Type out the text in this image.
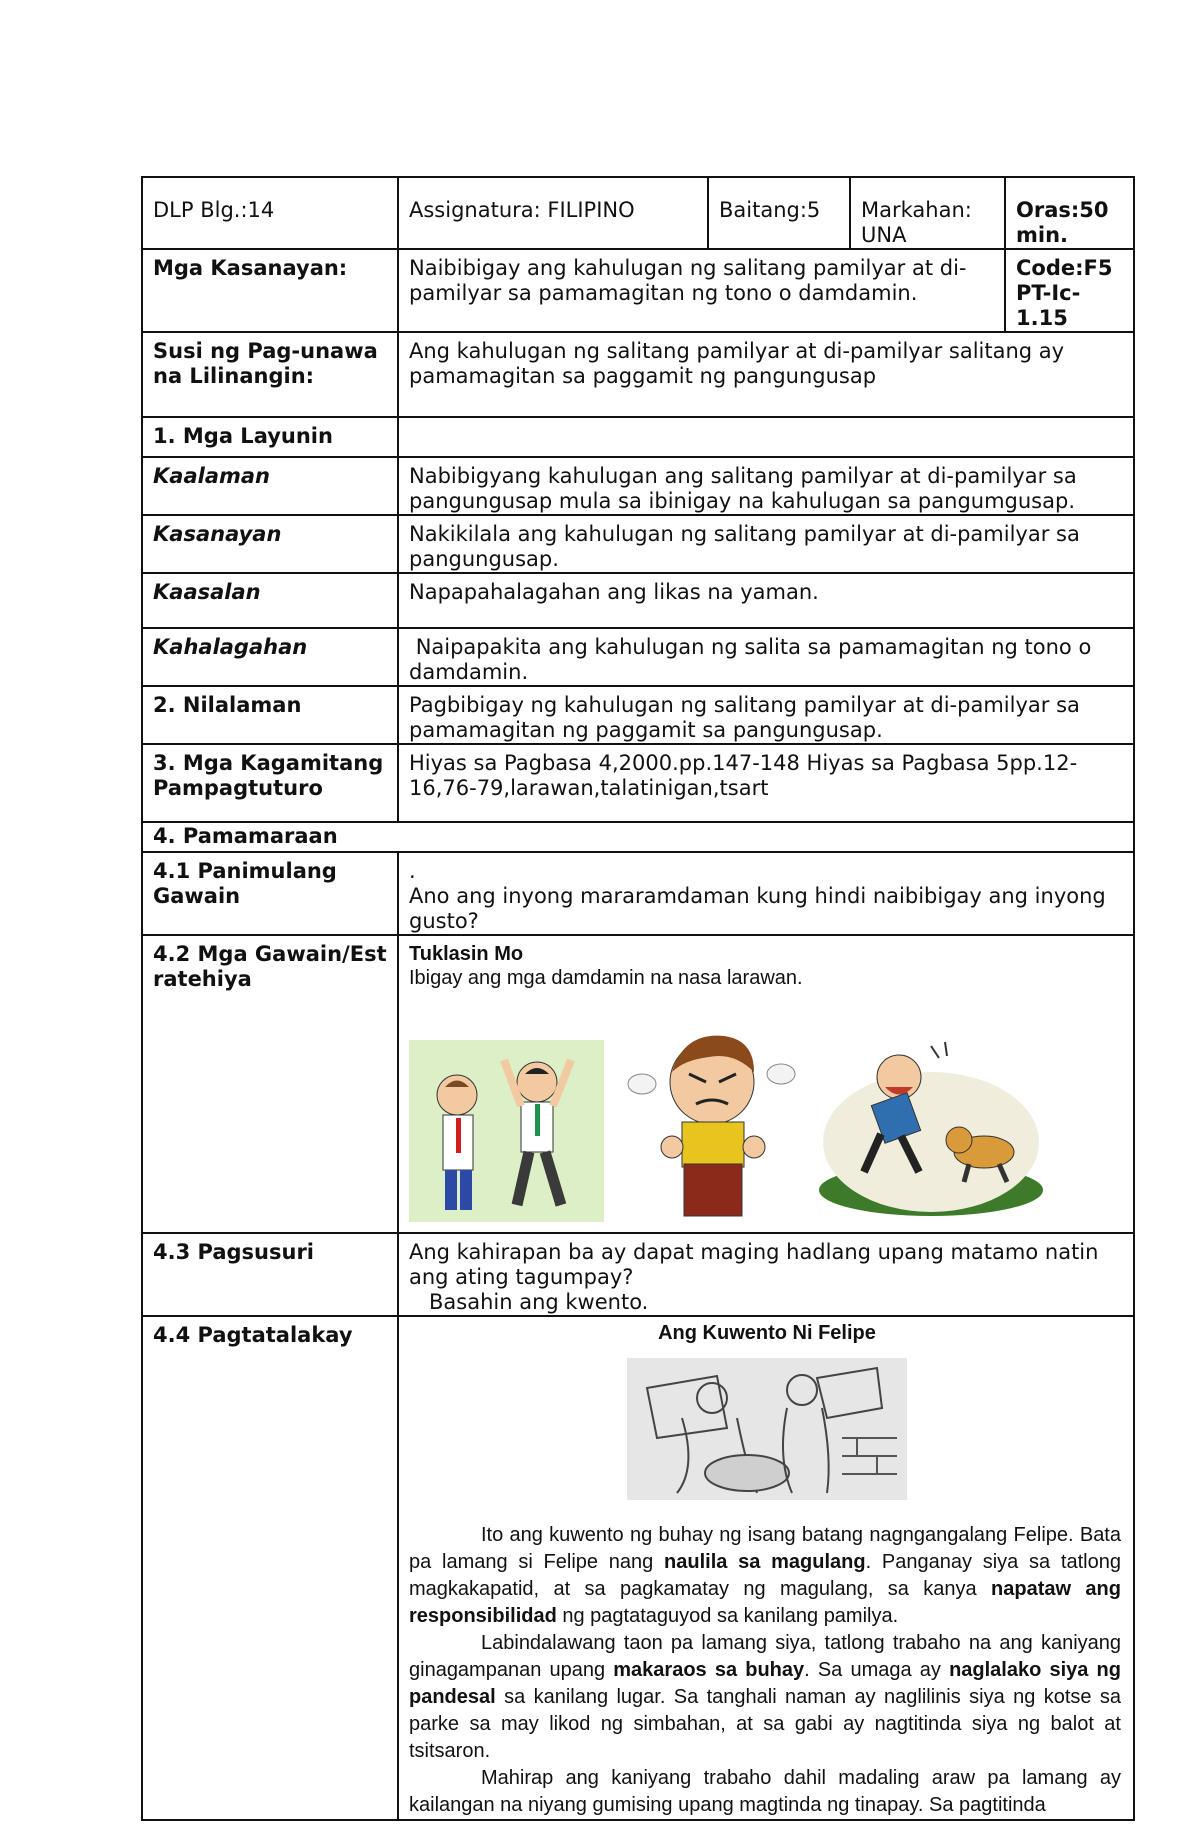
DLP Blg.:14	Assignatura: FILIPINO	Baitang:5	Markahan: UNA	Oras:50 min.
Mga Kasanayan:	Naibibigay ang kahulugan ng salitang pamilyar at di-pamilyar sa pamamagitan ng tono o damdamin.			Code:F5 PT-Ic-1.15
Susi ng Pag-unawa na Lilinangin:	Ang kahulugan ng salitang pamilyar at di-pamilyar salitang ay pamamagitan sa paggamit ng pangungusap			
1. Mga Layunin				
Kaalaman	Nabibigyang kahulugan ang salitang pamilyar at di-pamilyar sa pangungusap mula sa ibinigay na kahulugan sa pangumgusap.			
Kasanayan	Nakikilala ang kahulugan ng salitang pamilyar at di-pamilyar sa pangungusap.			
Kaasalan	Napapahalagahan ang likas na yaman.			
Kahalagahan	Naipapakita ang kahulugan ng salita sa pamamagitan ng tono o damdamin.			
2. Nilalaman	Pagbibigay ng kahulugan ng salitang pamilyar at di-pamilyar sa pamamagitan ng paggamit sa pangungusap.			
3. Mga Kagamitang Pampagtuturo	Hiyas sa Pagbasa 4,2000.pp.147-148 Hiyas sa Pagbasa 5pp.12-16,76-79,larawan,talatinigan,tsart			
4. Pamamaraan				
4.1 Panimulang Gawain	.
Ano ang inyong mararamdaman kung hindi naibibigay ang inyong gusto?			

4.2 Mga Gawain/Estratehiya	Tuklasin Mo
Ibigay ang mga damdamin na nasa larawan.			

4.3 Pagsusuri	Ang kahirapan ba ay dapat maging hadlang upang matamo natin ang ating tagumpay?
Basahin ang kwento.			

4.4 Pagtatalakay	Ang Kuwento Ni Felipe

Ito ang kuwento ng buhay ng isang batang nagngangalang Felipe. Bata pa lamang si Felipe nang naulila sa magulang. Panganay siya sa tatlong magkakapatid, at sa pagkamatay ng magulang, sa kanya napataw ang responsibilidad ng pagtataguyod sa kanilang pamilya.

Labindalawang taon pa lamang siya, tatlong trabaho na ang kaniyang ginagampanan upang makaraos sa buhay. Sa umaga ay naglalako siya ng pandesal sa kanilang lugar. Sa tanghali naman ay naglilinis siya ng kotse sa parke sa may likod ng simbahan, at sa gabi ay nagtitinda siya ng balot at tsitsaron.

Mahirap ang kaniyang trabaho dahil madaling araw pa lamang ay kailangan na niyang gumising upang magtinda ng tinapay. Sa pagtitinda			
